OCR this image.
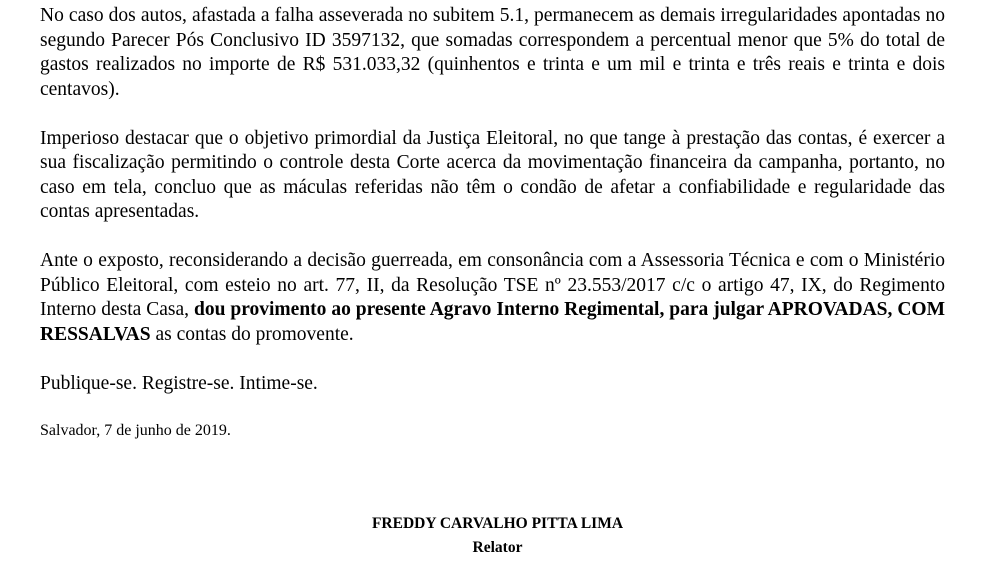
No caso dos autos, afastada a falha asseverada no subitem 5.1, permanecem as demais irregularidades apontadas no segundo Parecer Pós Conclusivo ID 3597132, que somadas correspondem a percentual menor que 5% do total de gastos realizados no importe de R$ 531.033,32 (quinhentos e trinta e um mil e trinta e três reais e trinta e dois centavos).

Imperioso destacar que o objetivo primordial da Justiça Eleitoral, no que tange à prestação das contas, é exercer a sua fiscalização permitindo o controle desta Corte acerca da movimentação financeira da campanha, portanto, no caso em tela, concluo que as máculas referidas não têm o condão de afetar a confiabilidade e regularidade das contas apresentadas.

Ante o exposto, reconsiderando a decisão guerreada, em consonância com a Assessoria Técnica e com o Ministério Público Eleitoral, com esteio no art. 77, II, da Resolução TSE nº 23.553/2017 c/c o artigo 47, IX, do Regimento Interno desta Casa, dou provimento ao presente Agravo Interno Regimental, para julgar APROVADAS, COM RESSALVAS as contas do promovente.

Publique-se. Registre-se. Intime-se.

Salvador, 7 de junho de 2019.

FREDDY CARVALHO PITTA LIMA
Relator
